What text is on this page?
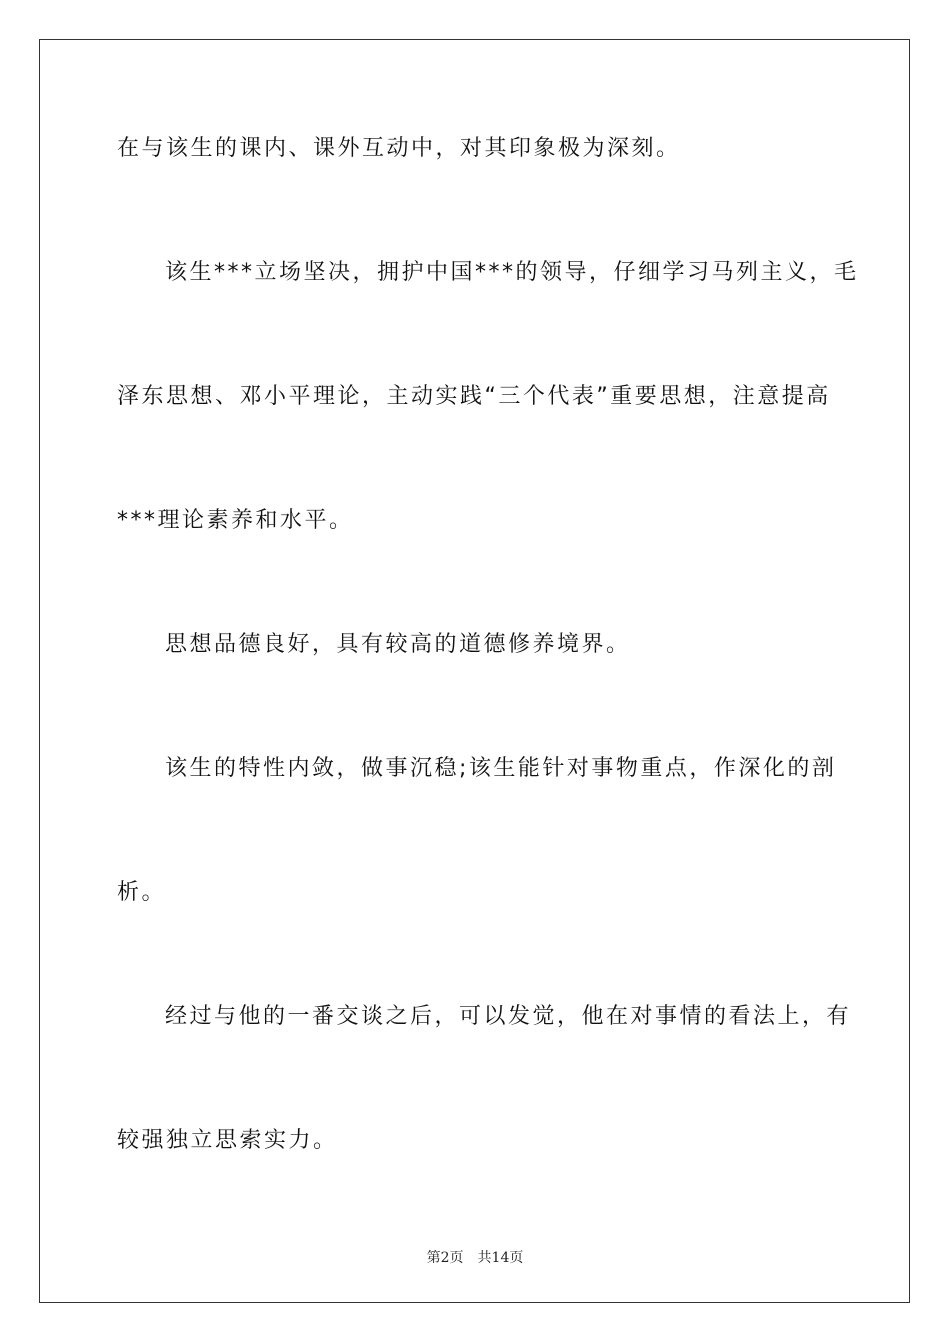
在与该生的课内、课外互动中，对其印象极为深刻。
该生***立场坚决，拥护中国***的领导，仔细学习马列主义，毛
泽东思想、邓小平理论，主动实践“三个代表”重要思想，注意提高
***理论素养和水平。
思想品德良好，具有较高的道德修养境界。
该生的特性内敛，做事沉稳;该生能针对事物重点，作深化的剖
析。
经过与他的一番交谈之后，可以发觉，他在对事情的看法上，有
较强独立思索实力。
第2页 共14页
